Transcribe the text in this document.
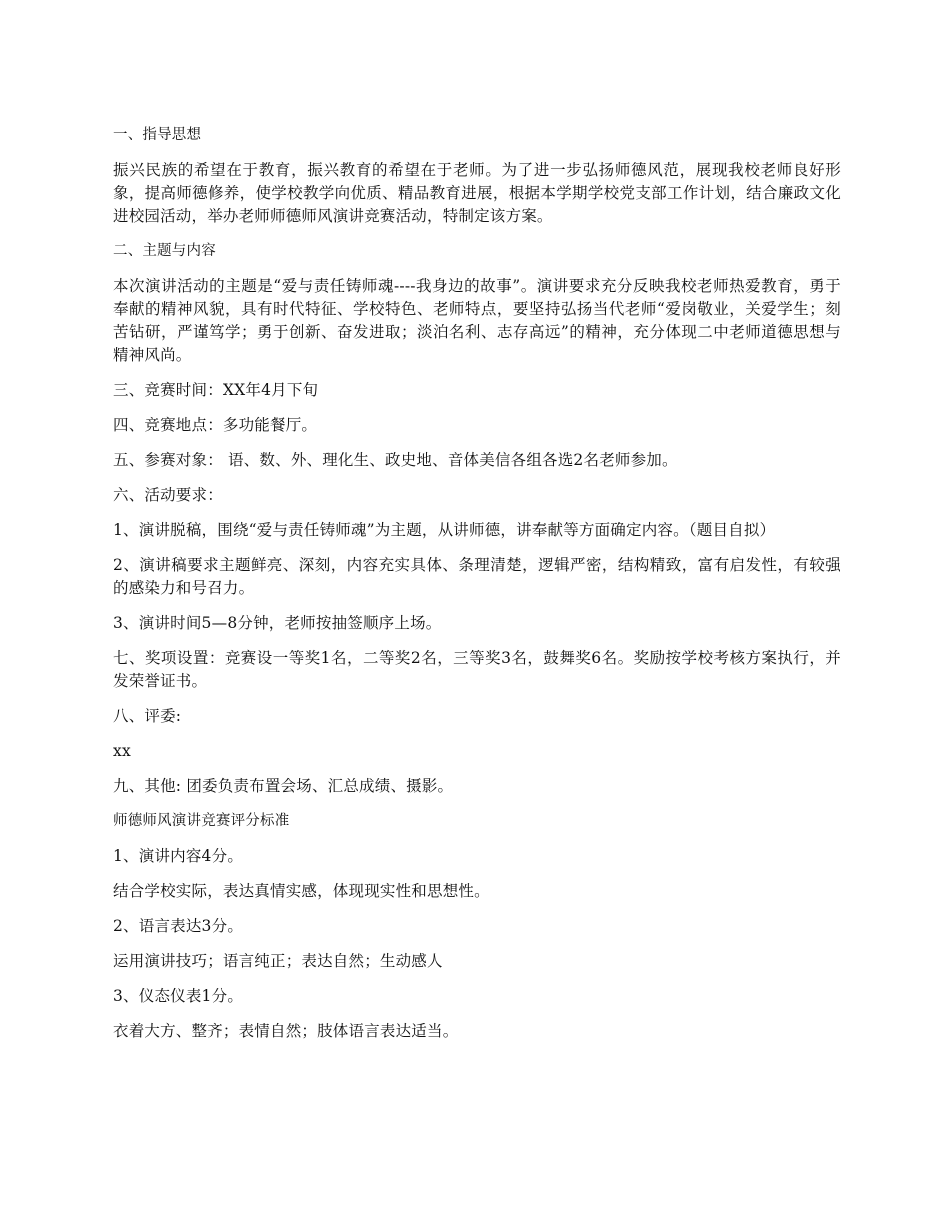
一、指导思想

振兴民族的希望在于教育，振兴教育的希望在于老师。为了进一步弘扬师德风范，展现我校老师良好形象，提高师德修养，使学校教学向优质、精品教育进展，根据本学期学校党支部工作计划，结合廉政文化进校园活动，举办老师师德师风演讲竞赛活动，特制定该方案。

二、主题与内容

本次演讲活动的主题是“爱与责任铸师魂----我身边的故事”。演讲要求充分反映我校老师热爱教育，勇于奉献的精神风貌，具有时代特征、学校特色、老师特点，要坚持弘扬当代老师“爱岗敬业，关爱学生；刻苦钻研，严谨笃学；勇于创新、奋发进取；淡泊名利、志存高远”的精神，充分体现二中老师道德思想与精神风尚。

三、竞赛时间：XX年4月下旬

四、竞赛地点：多功能餐厅。

五、参赛对象： 语、数、外、理化生、政史地、音体美信各组各选2名老师参加。

六、活动要求：

1、演讲脱稿，围绕“爱与责任铸师魂”为主题，从讲师德，讲奉献等方面确定内容。（题目自拟）

2、演讲稿要求主题鲜亮、深刻，内容充实具体、条理清楚，逻辑严密，结构精致，富有启发性，有较强的感染力和号召力。

3、演讲时间5—8分钟，老师按抽签顺序上场。

七、奖项设置：竞赛设一等奖1名，二等奖2名，三等奖3名，鼓舞奖6名。奖励按学校考核方案执行，并发荣誉证书。

八、评委:

xx

九、其他: 团委负责布置会场、汇总成绩、摄影。

师德师风演讲竞赛评分标准

1、演讲内容4分。

结合学校实际，表达真情实感，体现现实性和思想性。

2、语言表达3分。

运用演讲技巧；语言纯正；表达自然；生动感人

3、仪态仪表1分。

衣着大方、整齐；表情自然；肢体语言表达适当。
